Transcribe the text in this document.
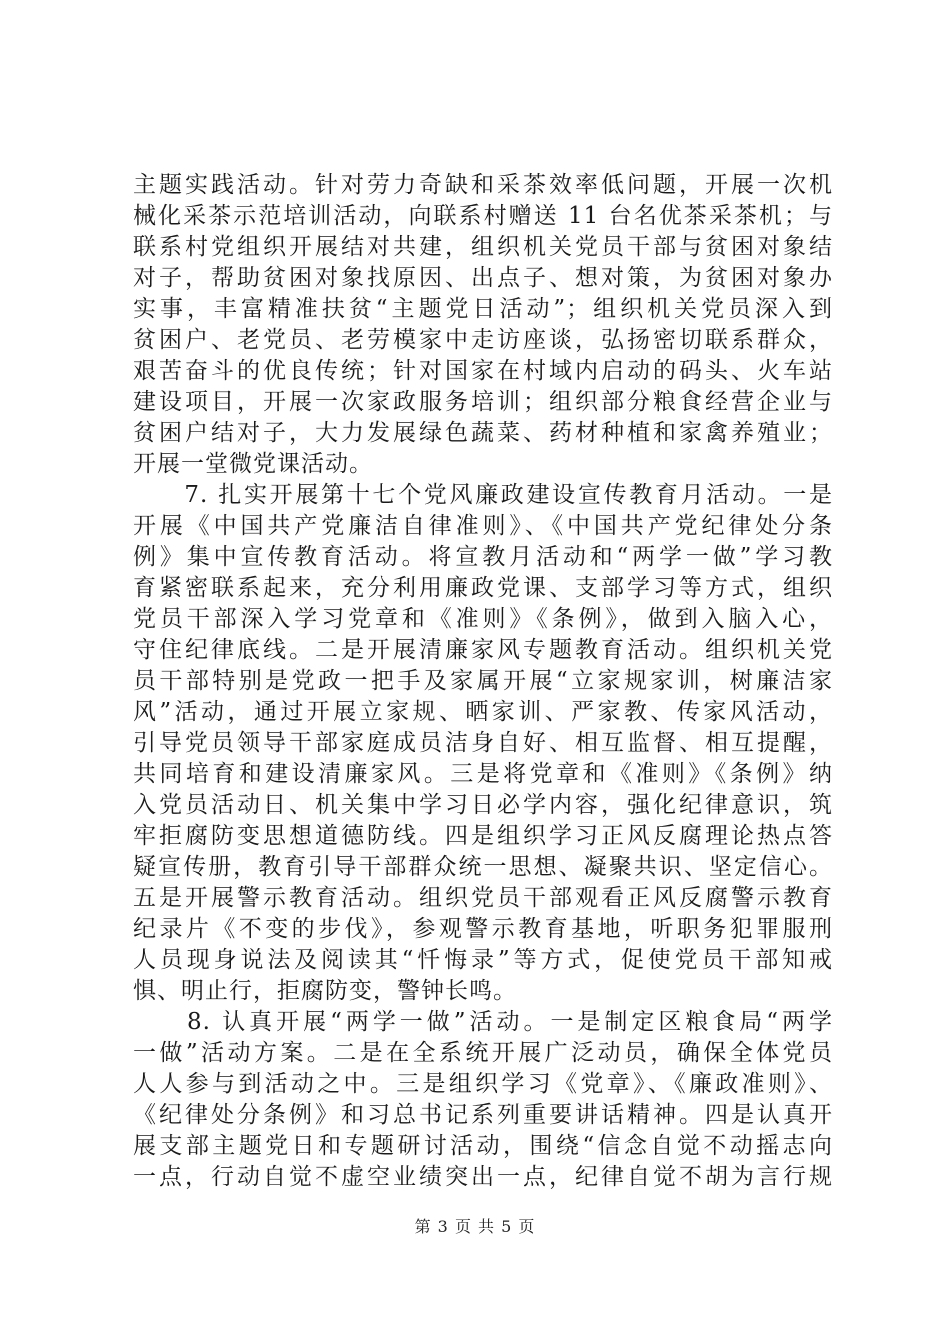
主题实践活动。针对劳力奇缺和采茶效率低问题，开展一次机
械化采茶示范培训活动，向联系村赠送 11 台名优茶采茶机；与
联系村党组织开展结对共建，组织机关党员干部与贫困对象结
对子，帮助贫困对象找原因、出点子、想对策，为贫困对象办
实事，丰富精准扶贫“主题党日活动”；组织机关党员深入到
贫困户、老党员、老劳模家中走访座谈，弘扬密切联系群众，
艰苦奋斗的优良传统；针对国家在村域内启动的码头、火车站
建设项目，开展一次家政服务培训；组织部分粮食经营企业与
贫困户结对子，大力发展绿色蔬菜、药材种植和家禽养殖业；
开展一堂微党课活动。
　　7. 扎实开展第十七个党风廉政建设宣传教育月活动。一是
开展《中国共产党廉洁自律准则》、《中国共产党纪律处分条
例》集中宣传教育活动。将宣教月活动和“两学一做”学习教
育紧密联系起来，充分利用廉政党课、支部学习等方式，组织
党员干部深入学习党章和《准则》《条例》，做到入脑入心，
守住纪律底线。二是开展清廉家风专题教育活动。组织机关党
员干部特别是党政一把手及家属开展“立家规家训，树廉洁家
风”活动，通过开展立家规、晒家训、严家教、传家风活动，
引导党员领导干部家庭成员洁身自好、相互监督、相互提醒，
共同培育和建设清廉家风。三是将党章和《准则》《条例》纳
入党员活动日、机关集中学习日必学内容，强化纪律意识，筑
牢拒腐防变思想道德防线。四是组织学习正风反腐理论热点答
疑宣传册，教育引导干部群众统一思想、凝聚共识、坚定信心。
五是开展警示教育活动。组织党员干部观看正风反腐警示教育
纪录片《不变的步伐》，参观警示教育基地，听职务犯罪服刑
人员现身说法及阅读其“忏悔录”等方式，促使党员干部知戒
惧、明止行，拒腐防变，警钟长鸣。
　　8. 认真开展“两学一做”活动。一是制定区粮食局“两学
一做”活动方案。二是在全系统开展广泛动员，确保全体党员
人人参与到活动之中。三是组织学习《党章》、《廉政准则》、
《纪律处分条例》和习总书记系列重要讲话精神。四是认真开
展支部主题党日和专题研讨活动，围绕“信念自觉不动摇志向
一点，行动自觉不虚空业绩突出一点，纪律自觉不胡为言行规
第 3 页 共 5 页
